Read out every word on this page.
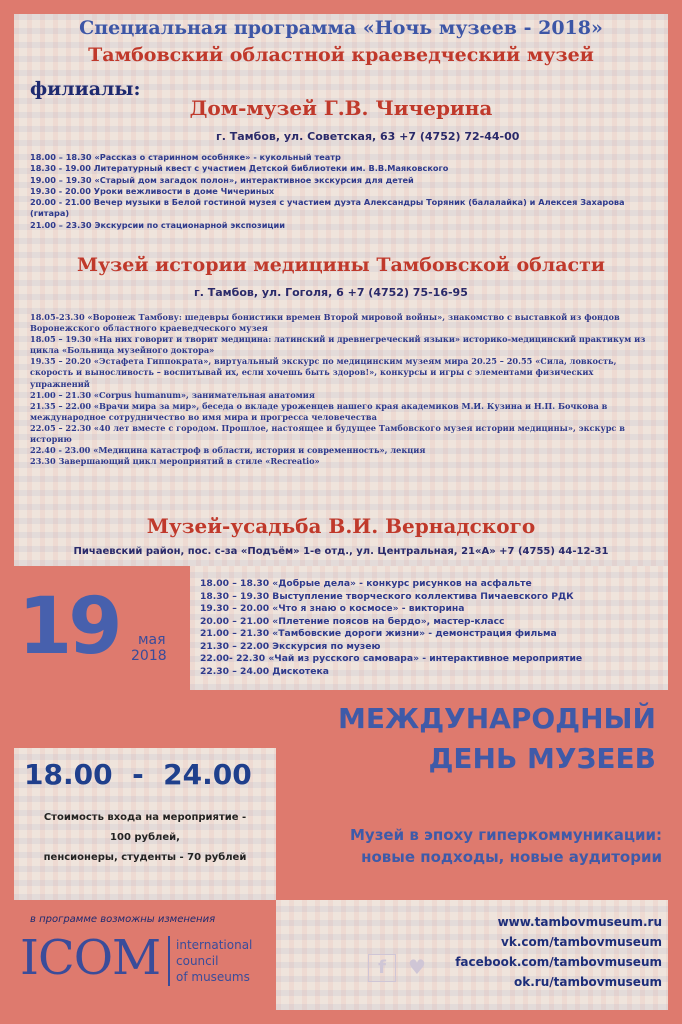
Специальная программа «Ночь музеев - 2018»
Тамбовский областной краеведческий музей
филиалы:
Дом-музей Г.В. Чичерина
г. Тамбов, ул. Советская, 63 +7 (4752) 72-44-00
18.00 – 18.30 «Рассказ о старинном особняке» - кукольный театр
18.30 - 19.00 Литературный квест с участием Детской библиотеки им. В.В.Маяковского
19.00 – 19.30 «Старый дом загадок полон», интерактивное экскурсия для детей
19.30 - 20.00 Уроки вежливости в доме Чичериных
20.00 - 21.00 Вечер музыки в Белой гостиной музея с участием дуэта Александры Торяник (балалайка) и Алексея Захарова (гитара)
21.00 – 23.30 Экскурсии по стационарной экспозиции
Музей истории медицины Тамбовской области
г. Тамбов, ул. Гоголя, 6 +7 (4752) 75-16-95
18.05-23.30 «Воронеж Тамбову: шедевры бонистики времен Второй мировой войны», знакомство с выставкой из фондов Воронежского областного краеведческого музея
18.05 – 19.30 «На них говорит и творит медицина: латинский и древнегреческий языки» историко-медицинский практикум из цикла «Больница музейного доктора»
19.35 – 20.20 «Эстафета Гиппократа», виртуальный экскурс по медицинским музеям мира 20.25 – 20.55 «Сила, ловкость, скорость и выносливость – воспитывай их, если хочешь быть здоров!», конкурсы и игры с элементами физических упражнений
21.00 – 21.30 «Corpus humanum», занимательная анатомия
21.35 – 22.00 «Врачи мира за мир», беседа о вкладе уроженцев нашего края академиков М.И. Кузина и Н.П. Бочкова в международное сотрудничество во имя мира и прогресса человечества
22.05 – 22.30 «40 лет вместе с городом. Прошлое, настоящее и будущее Тамбовского музея истории медицины», экскурс в историю
22.40 - 23.00 «Медицина катастроф в области, история и современность», лекция
23.30 Завершающий цикл мероприятий в стиле «Recreatio»
Музей-усадьба В.И. Вернадского
Пичаевский район, пос. с-за «Подъём» 1-е отд., ул. Центральная, 21«А» +7 (4755) 44-12-31
18.00 – 18.30 «Добрые дела» - конкурс рисунков на асфальте
18.30 – 19.30 Выступление творческого коллектива Пичаевского РДК
19.30 – 20.00 «Что я знаю о космосе» - викторина
20.00 – 21.00 «Плетение поясов на бердо», мастер-класс
21.00 – 21.30 «Тамбовские дороги жизни» - демонстрация фильма
21.30 – 22.00 Экскурсия по музею
22.00- 22.30 «Чай из русского самовара» - интерактивное мероприятие
22.30 – 24.00 Дискотека
19 мая
2018
МЕЖДУНАРОДНЫЙ
ДЕНЬ МУЗЕЕВ
18.00  -  24.00
Стоимость входа на мероприятие -
100 рублей,
пенсионеры, студенты - 70 рублей
Музей в эпоху гиперкоммуникации:
новые подходы, новые аудитории
в программе возможны изменения
ICOM international
council
of museums	f	♥
www.tambovmuseum.ru
vk.com/tambovmuseum
facebook.com/tambovmuseum
ok.ru/tambovmuseum
